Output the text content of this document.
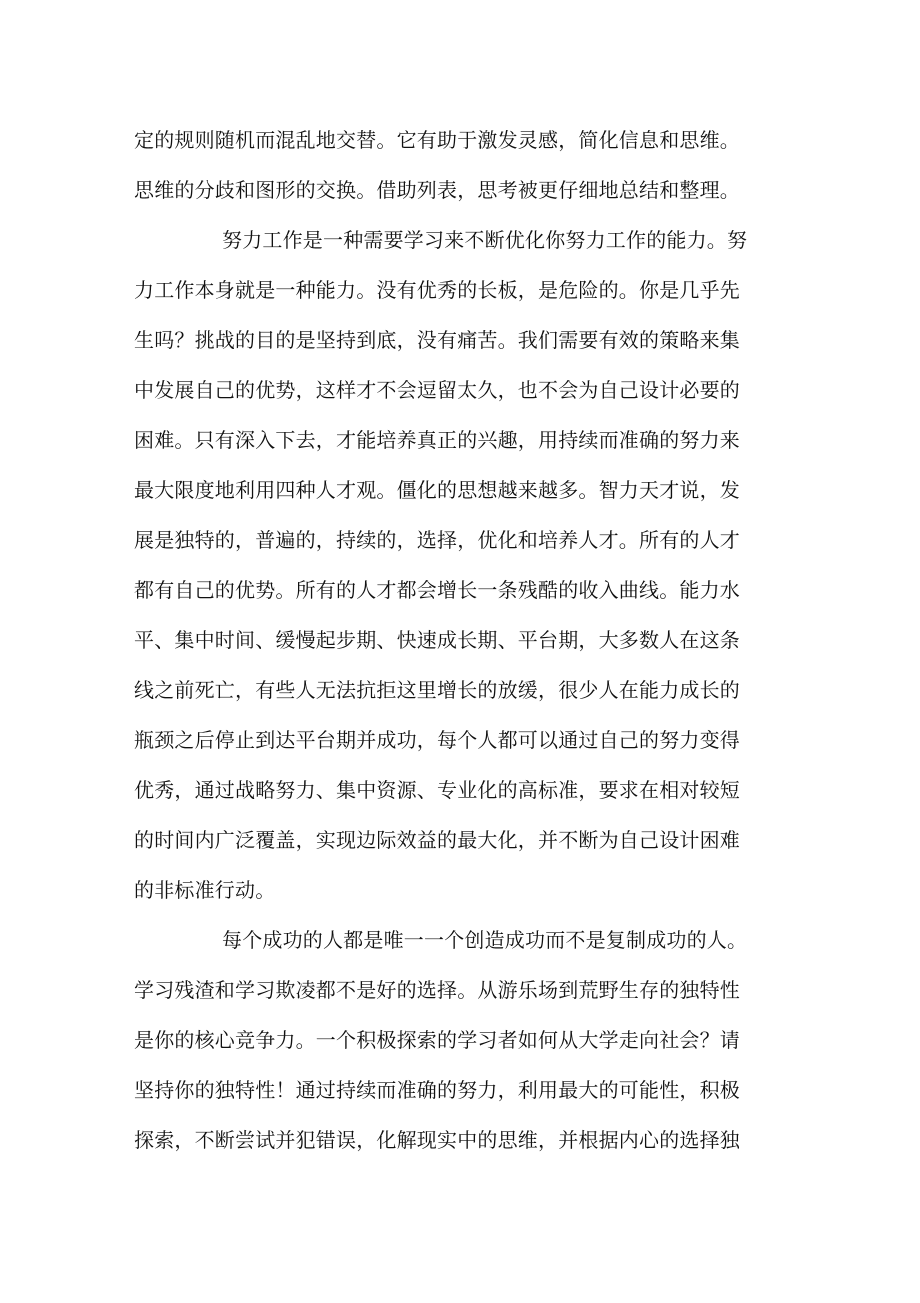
定的规则随机而混乱地交替。它有助于激发灵感，简化信息和思维。
思维的分歧和图形的交换。借助列表，思考被更仔细地总结和整理。
努力工作是一种需要学习来不断优化你努力工作的能力。努
力工作本身就是一种能力。没有优秀的长板，是危险的。你是几乎先
生吗？挑战的目的是坚持到底，没有痛苦。我们需要有效的策略来集
中发展自己的优势，这样才不会逗留太久，也不会为自己设计必要的
困难。只有深入下去，才能培养真正的兴趣，用持续而准确的努力来
最大限度地利用四种人才观。僵化的思想越来越多。智力天才说，发
展是独特的，普遍的，持续的，选择，优化和培养人才。所有的人才
都有自己的优势。所有的人才都会增长一条残酷的收入曲线。能力水
平、集中时间、缓慢起步期、快速成长期、平台期，大多数人在这条
线之前死亡，有些人无法抗拒这里增长的放缓，很少人在能力成长的
瓶颈之后停止到达平台期并成功，每个人都可以通过自己的努力变得
优秀，通过战略努力、集中资源、专业化的高标准，要求在相对较短
的时间内广泛覆盖，实现边际效益的最大化，并不断为自己设计困难
的非标准行动。
每个成功的人都是唯一一个创造成功而不是复制成功的人。
学习残渣和学习欺凌都不是好的选择。从游乐场到荒野生存的独特性
是你的核心竞争力。一个积极探索的学习者如何从大学走向社会？请
坚持你的独特性！通过持续而准确的努力，利用最大的可能性，积极
探索，不断尝试并犯错误，化解现实中的思维，并根据内心的选择独
